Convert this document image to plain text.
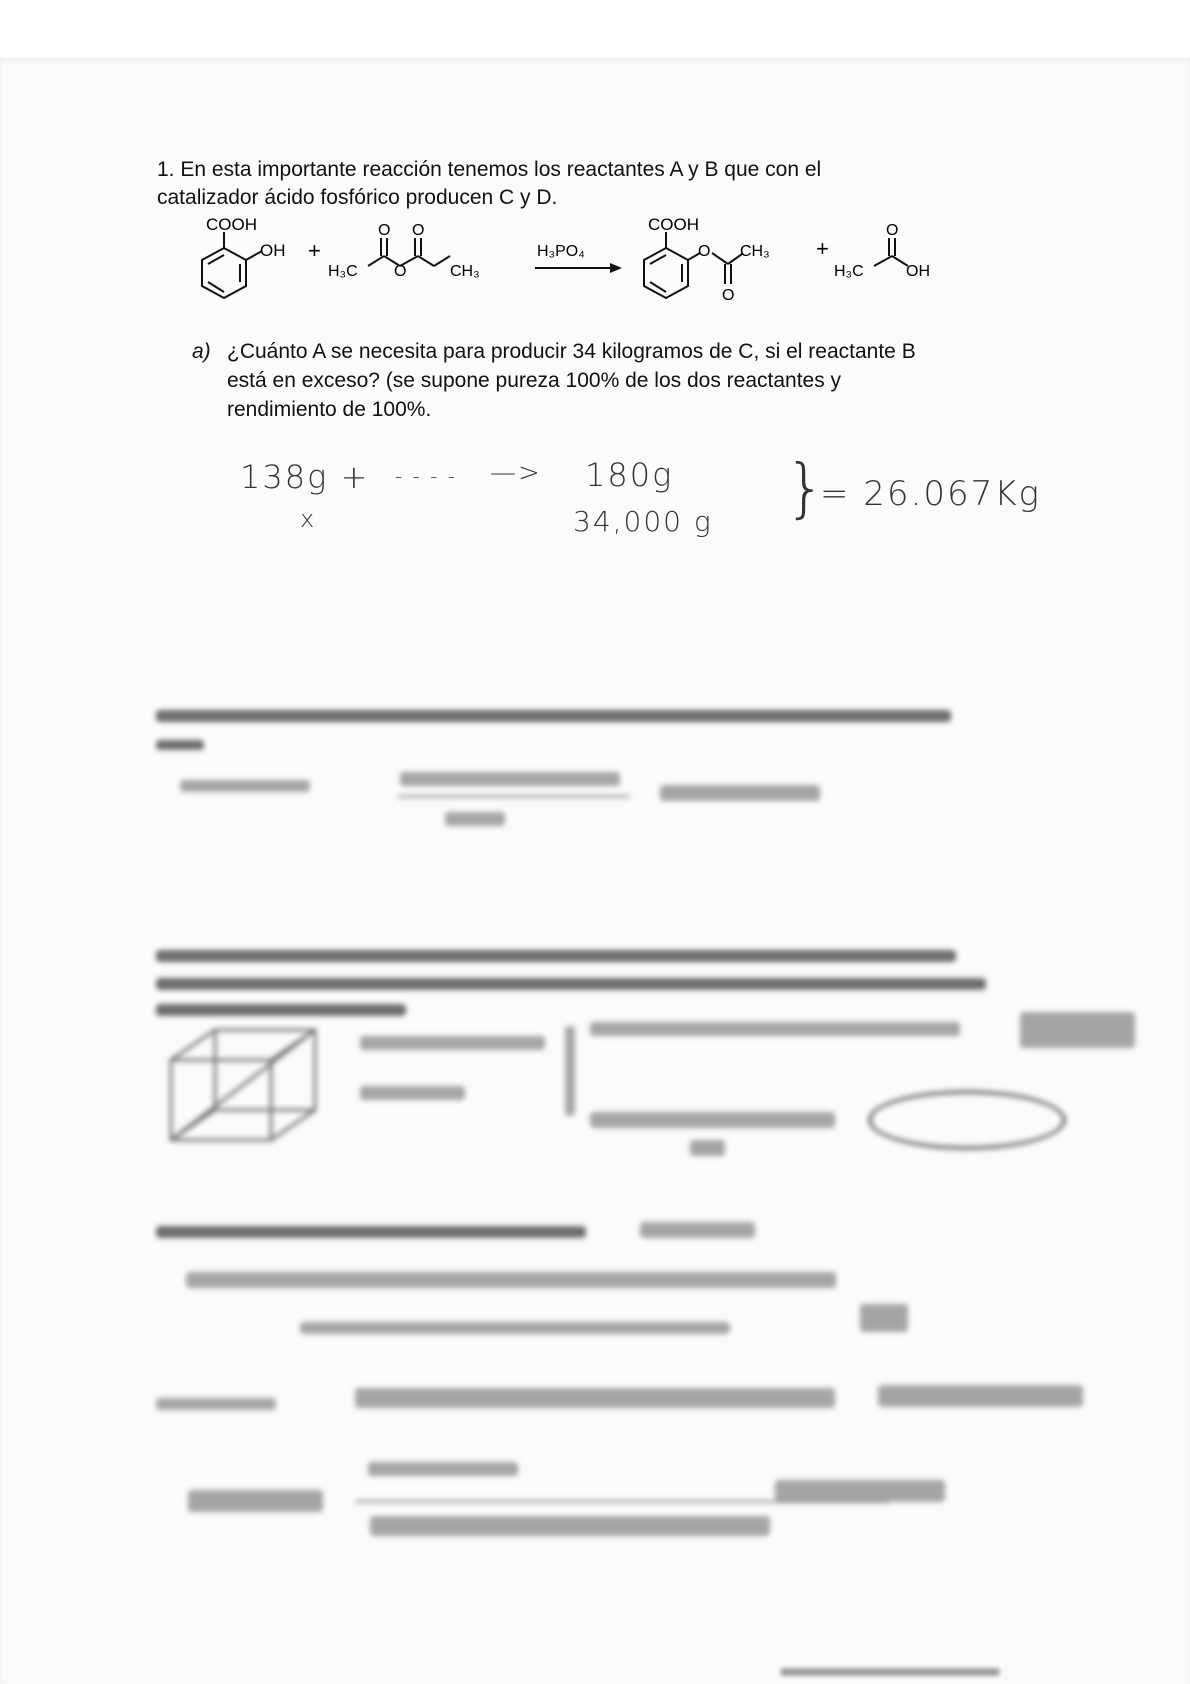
1. En esta importante reacción tenemos los reactantes A y B que con el

catalizador ácido fosfórico producen C y D.

COOH
OH +
O O
O
H₃C	CH₃
H₃PO₄
COOH
O CH₃
O
+
O
H₃C	OH
a) ¿Cuánto A se necesita para producir 34 kilogramos de C, si el reactante B
está en exceso? (se supone pureza 100% de los dos reactantes y
rendimiento de 100%.
138g + - - - - —> 180g
x	34,000 g }
= 26.067Kg
